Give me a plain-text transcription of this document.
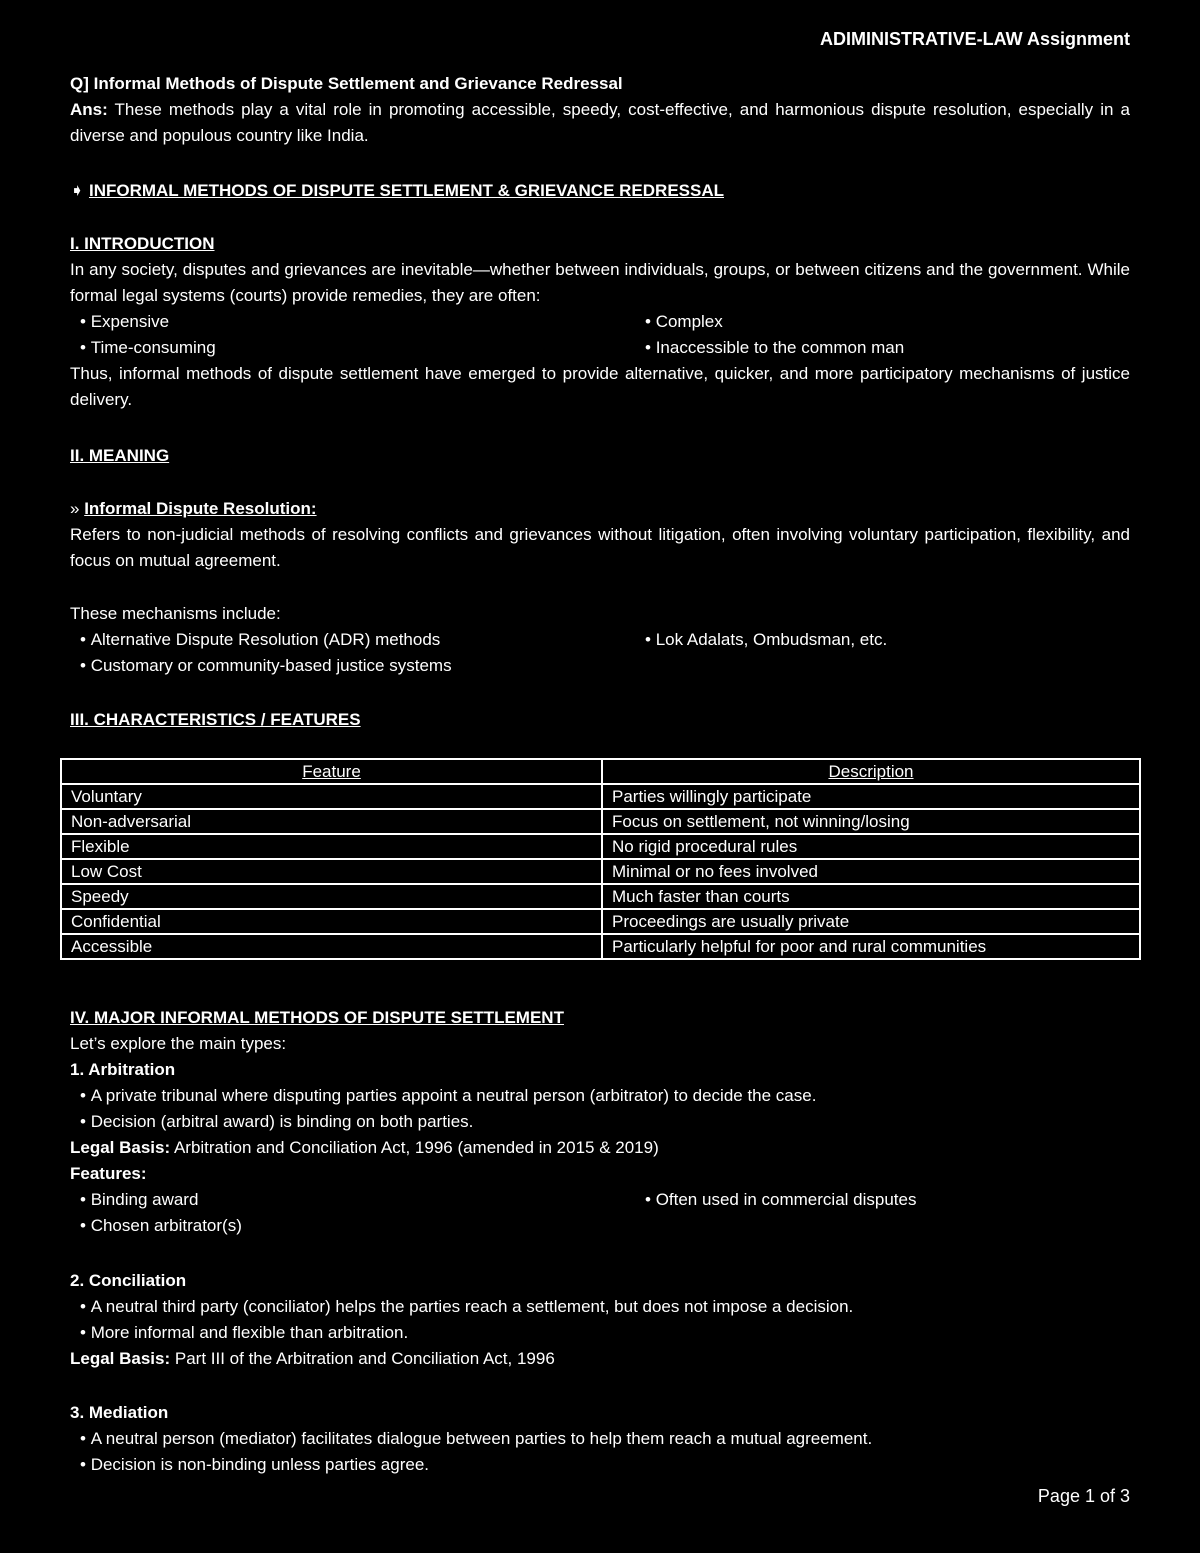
ADIMINISTRATIVE-LAW Assignment

Q] Informal Methods of Dispute Settlement and Grievance Redressal

Ans: These methods play a vital role in promoting accessible, speedy, cost-effective, and harmonious dispute resolution, especially in a diverse and populous country like India.

➧ INFORMAL METHODS OF DISPUTE SETTLEMENT & GRIEVANCE REDRESSAL

I. INTRODUCTION

In any society, disputes and grievances are inevitable—whether between individuals, groups, or between citizens and the government. While formal legal systems (courts) provide remedies, they are often:

• Expensive	• Complex
• Time-consuming	• Inaccessible to the common man

Thus, informal methods of dispute settlement have emerged to provide alternative, quicker, and more participatory mechanisms of justice delivery.

II. MEANING

» Informal Dispute Resolution:

Refers to non-judicial methods of resolving conflicts and grievances without litigation, often involving voluntary participation, flexibility, and focus on mutual agreement.

These mechanisms include:

• Alternative Dispute Resolution (ADR) methods	• Lok Adalats, Ombudsman, etc.
• Customary or community-based justice systems
III. CHARACTERISTICS / FEATURES
Feature	Description
Voluntary	Parties willingly participate
Non-adversarial	Focus on settlement, not winning/losing
Flexible	No rigid procedural rules
Low Cost	Minimal or no fees involved
Speedy	Much faster than courts
Confidential	Proceedings are usually private
Accessible	Particularly helpful for poor and rural communities
IV. MAJOR INFORMAL METHODS OF DISPUTE SETTLEMENT

Let’s explore the main types:

1. Arbitration

• A private tribunal where disputing parties appoint a neutral person (arbitrator) to decide the case.
• Decision (arbitral award) is binding on both parties.

Legal Basis: Arbitration and Conciliation Act, 1996 (amended in 2015 & 2019)

Features:

• Binding award	• Often used in commercial disputes
• Chosen arbitrator(s)

2. Conciliation

• A neutral third party (conciliator) helps the parties reach a settlement, but does not impose a decision.
• More informal and flexible than arbitration.

Legal Basis: Part III of the Arbitration and Conciliation Act, 1996

3. Mediation

• A neutral person (mediator) facilitates dialogue between parties to help them reach a mutual agreement.
• Decision is non-binding unless parties agree.
Page 1 of 3
